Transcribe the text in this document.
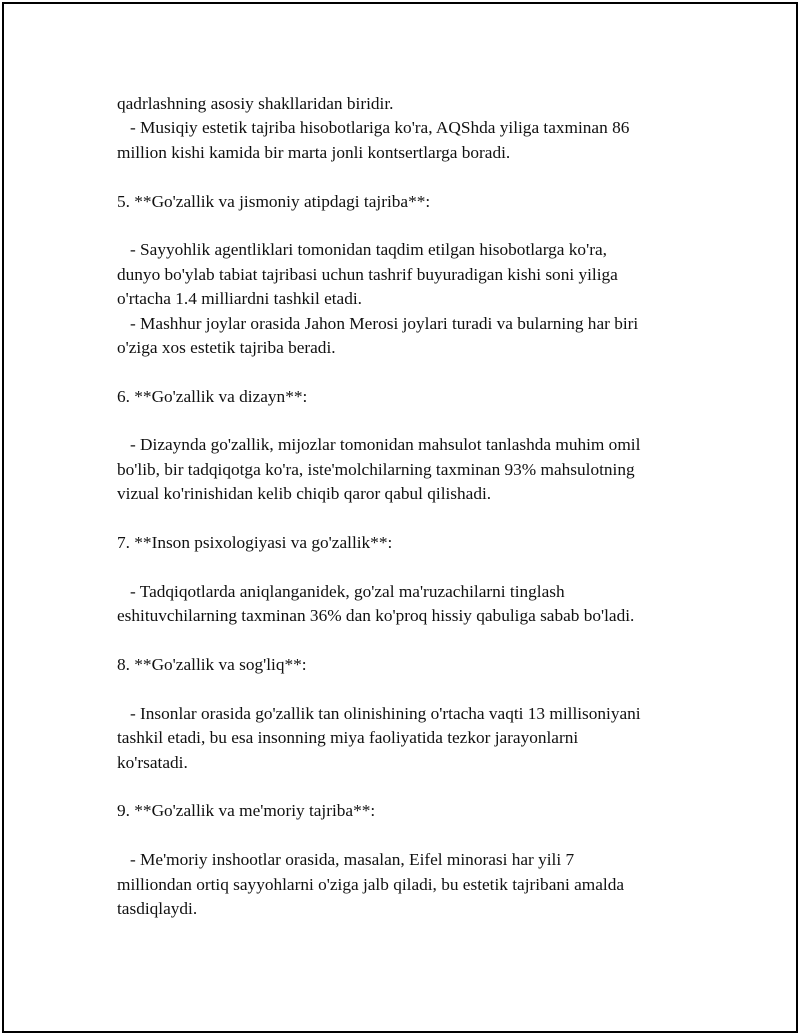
qadrlashning asosiy shakllaridan biridir.
- Musiqiy estetik tajriba hisobotlariga ko'ra, AQShda yiliga taxminan 86
million kishi kamida bir marta jonli kontsertlarga boradi.
5. **Go'zallik va jismoniy atipdagi tajriba**:
- Sayyohlik agentliklari tomonidan taqdim etilgan hisobotlarga ko'ra,
dunyo bo'ylab tabiat tajribasi uchun tashrif buyuradigan kishi soni yiliga
o'rtacha 1.4 milliardni tashkil etadi.
- Mashhur joylar orasida Jahon Merosi joylari turadi va bularning har biri
o'ziga xos estetik tajriba beradi.
6. **Go'zallik va dizayn**:
- Dizaynda go'zallik, mijozlar tomonidan mahsulot tanlashda muhim omil
bo'lib, bir tadqiqotga ko'ra, iste'molchilarning taxminan 93% mahsulotning
vizual ko'rinishidan kelib chiqib qaror qabul qilishadi.
7. **Inson psixologiyasi va go'zallik**:
- Tadqiqotlarda aniqlanganidek, go'zal ma'ruzachilarni tinglash
eshituvchilarning taxminan 36% dan ko'proq hissiy qabuliga sabab bo'ladi.
8. **Go'zallik va sog'liq**:
- Insonlar orasida go'zallik tan olinishining o'rtacha vaqti 13 millisoniyani
tashkil etadi, bu esa insonning miya faoliyatida tezkor jarayonlarni
ko'rsatadi.
9. **Go'zallik va me'moriy tajriba**:
- Me'moriy inshootlar orasida, masalan, Eifel minorasi har yili 7
milliondan ortiq sayyohlarni o'ziga jalb qiladi, bu estetik tajribani amalda
tasdiqlaydi.
